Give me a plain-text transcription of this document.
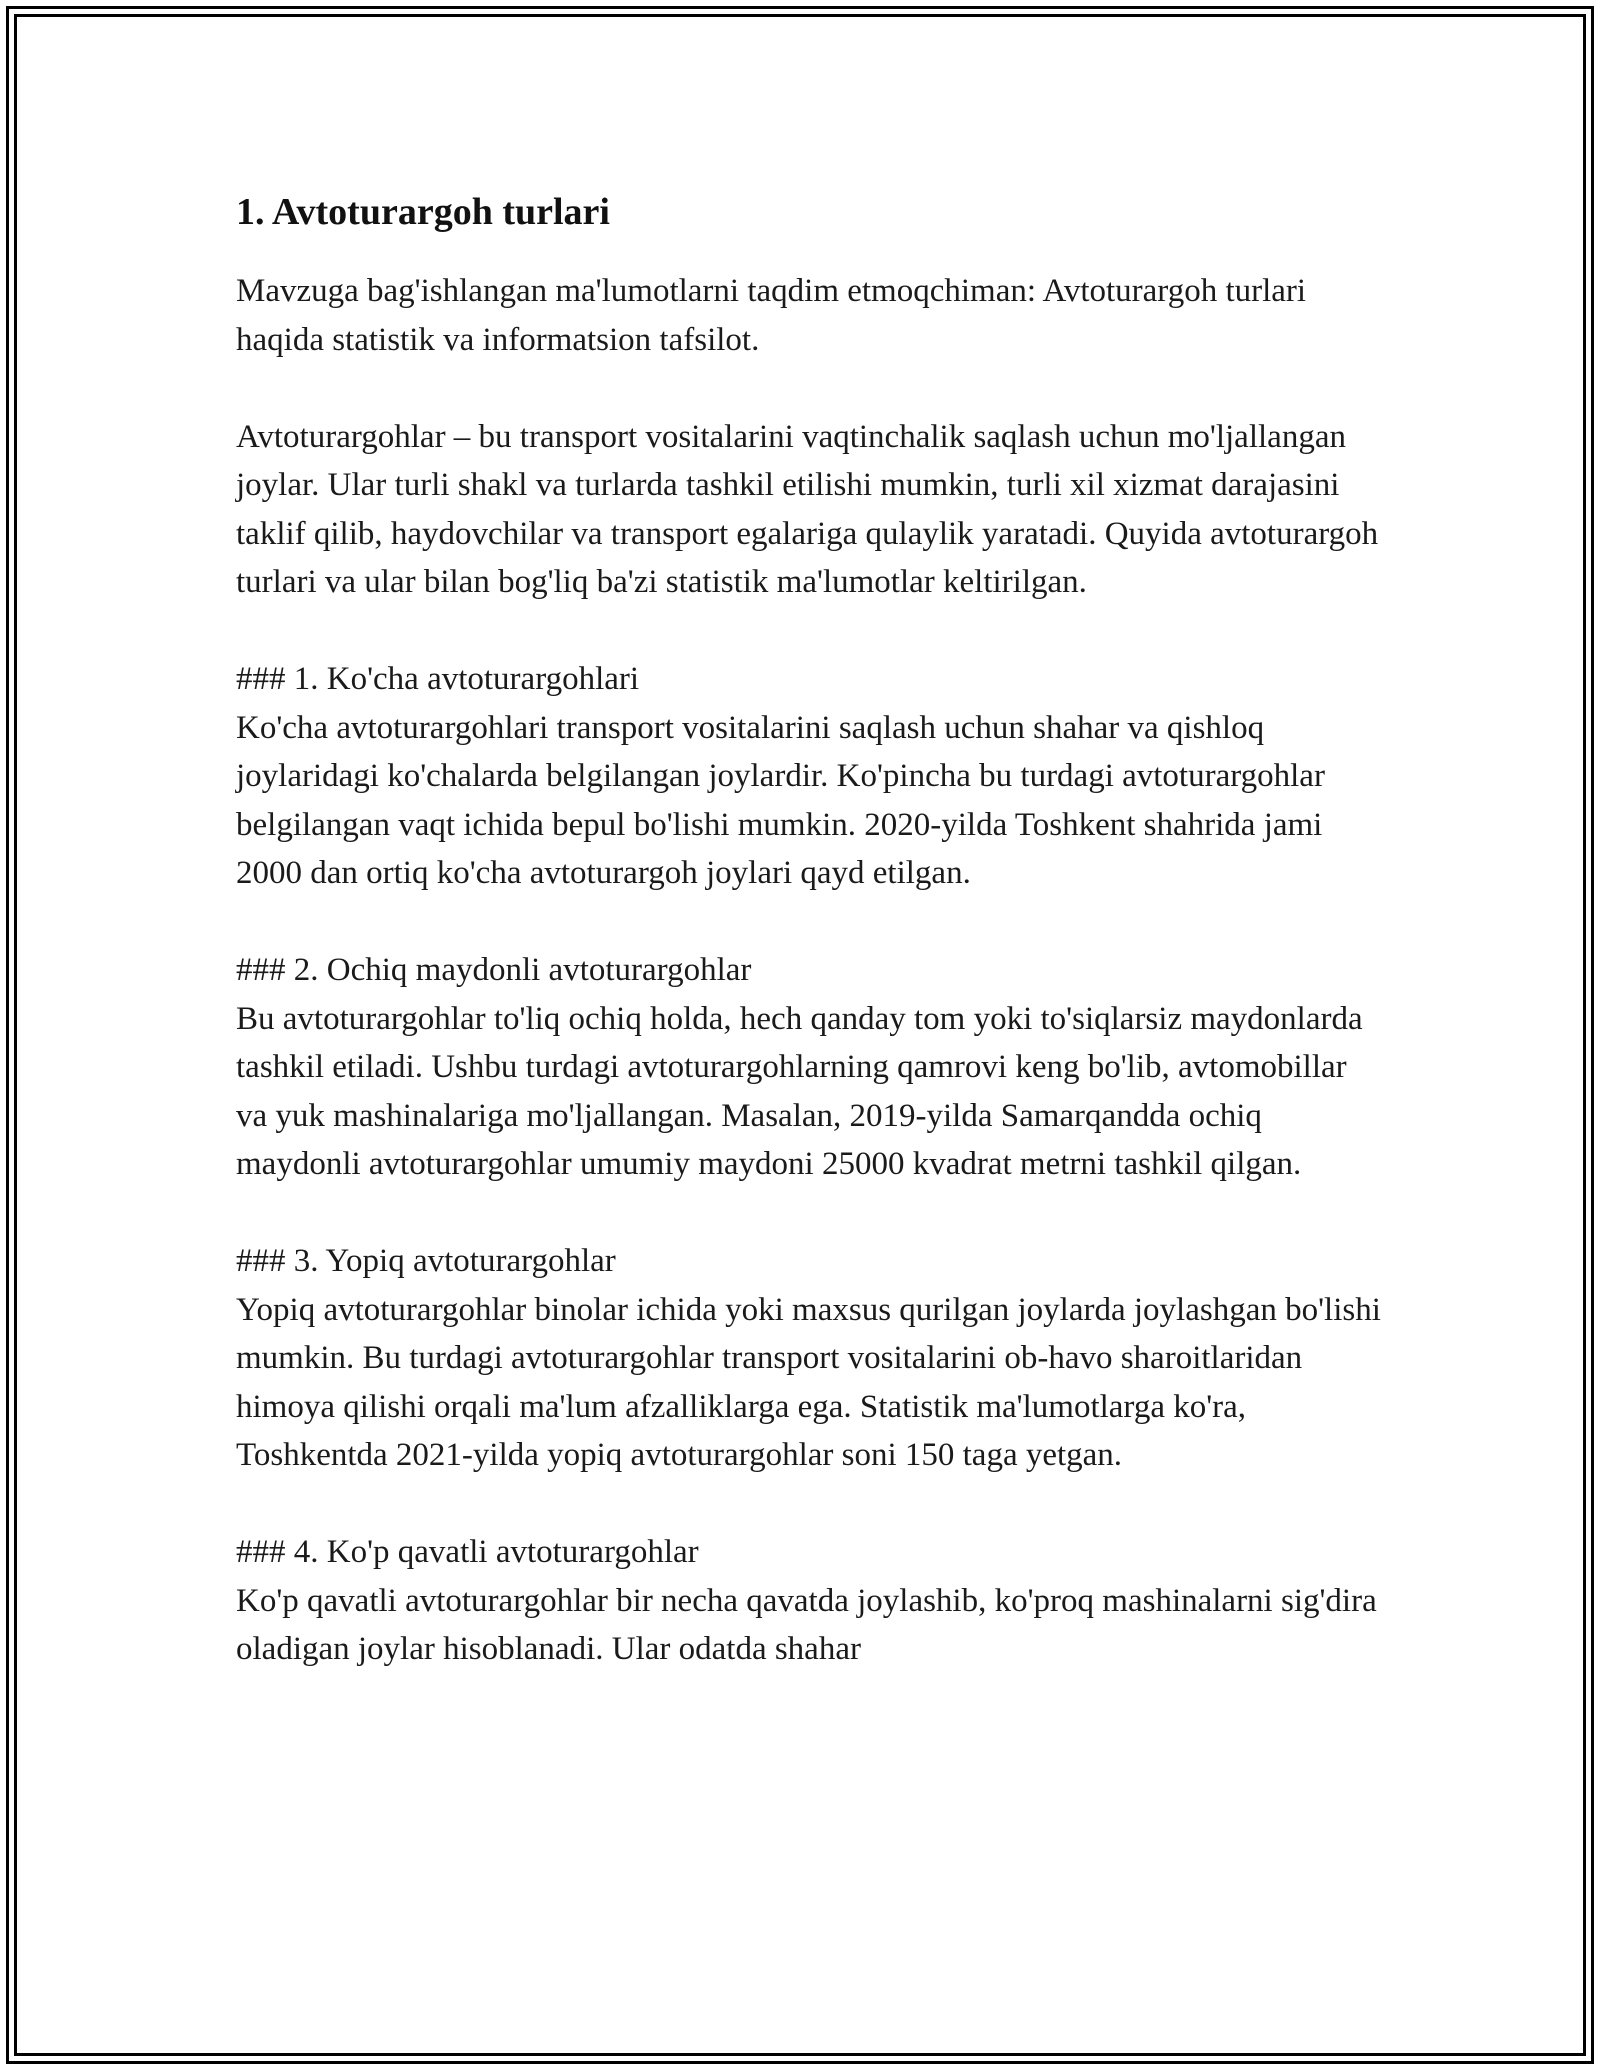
1. Avtoturargoh turlari

Mavzuga bag'ishlangan ma'lumotlarni taqdim etmoqchiman: Avtoturargoh turlari haqida statistik va informatsion tafsilot.

Avtoturargohlar – bu transport vositalarini vaqtinchalik saqlash uchun mo'ljallangan joylar. Ular turli shakl va turlarda tashkil etilishi mumkin, turli xil xizmat darajasini taklif qilib, haydovchilar va transport egalariga qulaylik yaratadi. Quyida avtoturargoh turlari va ular bilan bog'liq ba'zi statistik ma'lumotlar keltirilgan.

### 1. Ko'cha avtoturargohlari
Ko'cha avtoturargohlari transport vositalarini saqlash uchun shahar va qishloq joylaridagi ko'chalarda belgilangan joylardir. Ko'pincha bu turdagi avtoturargohlar belgilangan vaqt ichida bepul bo'lishi mumkin. 2020-yilda Toshkent shahrida jami 2000 dan ortiq ko'cha avtoturargoh joylari qayd etilgan.

### 2. Ochiq maydonli avtoturargohlar
Bu avtoturargohlar to'liq ochiq holda, hech qanday tom yoki to'siqlarsiz maydonlarda tashkil etiladi. Ushbu turdagi avtoturargohlarning qamrovi keng bo'lib, avtomobillar va yuk mashinalariga mo'ljallangan. Masalan, 2019-yilda Samarqandda ochiq maydonli avtoturargohlar umumiy maydoni 25000 kvadrat metrni tashkil qilgan.

### 3. Yopiq avtoturargohlar
Yopiq avtoturargohlar binolar ichida yoki maxsus qurilgan joylarda joylashgan bo'lishi mumkin. Bu turdagi avtoturargohlar transport vositalarini ob-havo sharoitlaridan himoya qilishi orqali ma'lum afzalliklarga ega. Statistik ma'lumotlarga ko'ra, Toshkentda 2021-yilda yopiq avtoturargohlar soni 150 taga yetgan.

### 4. Ko'p qavatli avtoturargohlar
Ko'p qavatli avtoturargohlar bir necha qavatda joylashib, ko'proq mashinalarni sig'dira oladigan joylar hisoblanadi. Ular odatda shahar
